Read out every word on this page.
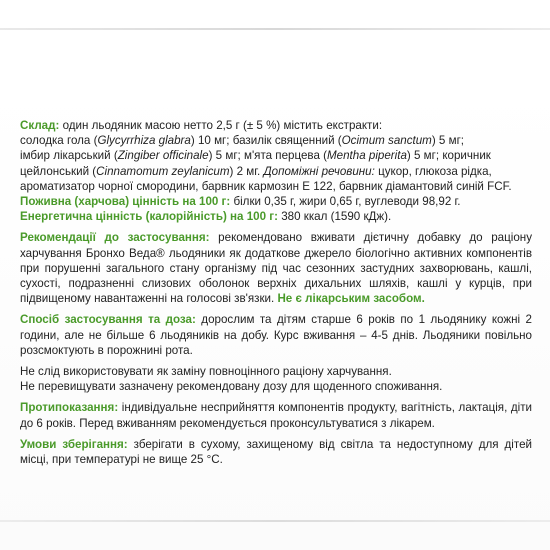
Склад: один льодяник масою нетто 2,5 г (± 5 %) містить екстракти:
солодка гола (Glycyrrhiza glabra) 10 мг; базилік священний (Ocimum sanctum) 5 мг;
імбир лікарський (Zingiber officinale) 5 мг; м'ята перцева (Mentha piperita) 5 мг; коричник
цейлонський (Cinnamomum zeylanicum) 2 мг. Допоміжні речовини: цукор, глюкоза рідка,
ароматизатор чорної смородини, барвник кармозин Е 122, барвник діамантовий синій FCF.

Поживна (харчова) цінність на 100 г: білки 0,35 г, жири 0,65 г, вуглеводи 98,92 г.

Енергетична цінність (калорійність) на 100 г: 380 ккал (1590 кДж).

Рекомендації до застосування: рекомендовано вживати дієтичну добавку до раціону харчування Бронхо Веда® льодяники як додаткове джерело біологічно активних компонентів при порушенні загального стану організму під час сезонних застудних захворювань, кашлі, сухості, подразненні слизових оболонок верхніх дихальних шляхів, кашлі у курців, при підвищеному навантаженні на голосові зв'язки. Не є лікарським засобом.

Спосіб застосування та доза: дорослим та дітям старше 6 років по 1 льодянику кожні 2 години, але не більше 6 льодяників на добу. Курс вживання – 4-5 днів. Льодяники повільно розсмоктують в порожнині рота.

Не слід використовувати як заміну повноцінного раціону харчування.
Не перевищувати зазначену рекомендовану дозу для щоденного споживання.

Протипоказання: індивідуальне несприйняття компонентів продукту, вагітність, лактація, діти до 6 років. Перед вживанням рекомендується проконсультуватися з лікарем.

Умови зберігання: зберігати в сухому, захищеному від світла та недоступному для дітей місці, при температурі не вище 25 °С.
